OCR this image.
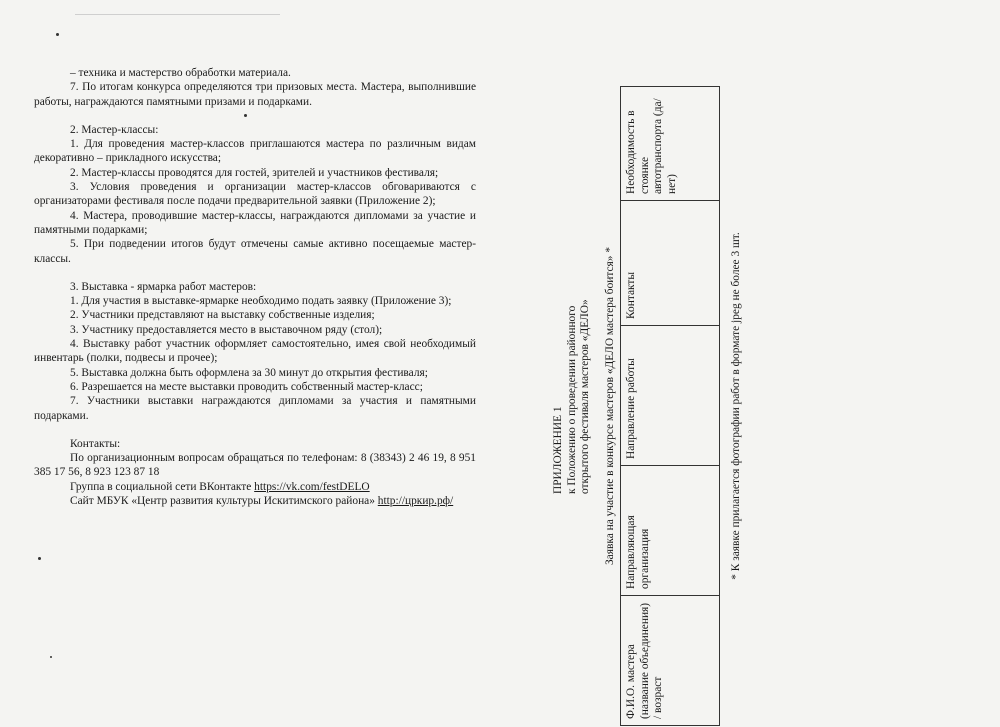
– техника и мастерство обработки материала.

7. По итогам конкурса определяются три призовых места. Мастера, выполнившие работы, награждаются памятными призами и подарками.

2. Мастер-классы:

1. Для проведения мастер-классов приглашаются мастера по различным видам декоративно – прикладного искусства;

2. Мастер-классы проводятся для гостей, зрителей и участников фестиваля;

3. Условия проведения и организации мастер-классов обговариваются с организаторами фестиваля после подачи предварительной заявки (Приложение 2);

4. Мастера, проводившие мастер-классы, награждаются дипломами за участие и памятными подарками;

5. При подведении итогов будут отмечены самые активно посещаемые мастер-классы.

3. Выставка - ярмарка работ мастеров:

1. Для участия в выставке-ярмарке необходимо подать заявку (Приложение 3);

2. Участники представляют на выставку собственные изделия;

3. Участнику предоставляется место в выставочном ряду (стол);

4. Выставку работ участник оформляет самостоятельно, имея свой необходимый инвентарь (полки, подвесы и прочее);

5. Выставка должна быть оформлена за 30 минут до открытия фестиваля;

6. Разрешается на месте выставки проводить собственный мастер-класс;

7. Участники выставки награждаются дипломами за участия и памятными подарками.

Контакты:

По организационным вопросам обращаться по телефонам: 8 (38343) 2 46 19, 8 951 385 17 56, 8 923 123 87 18

Группа в социальной сети ВКонтакте https://vk.com/festDELO

Сайт МБУК «Центр развития культуры Искитимского района» http://цркир.рф/

ПРИЛОЖЕНИЕ 1 к Положению о проведении районного открытого фестиваля мастеров «ДЕЛО» Заявка на участие в конкурсе мастеров «ДЕЛО мастера боится» *
Ф.И.О. мастера (название объединения) / возраст
Направляющая организация
Направление работы
Контакты
Необходимость в стоянке автотранспорта (да/нет)
* К заявке прилагается фотографии работ в формате jpeg не более 3 шт.
